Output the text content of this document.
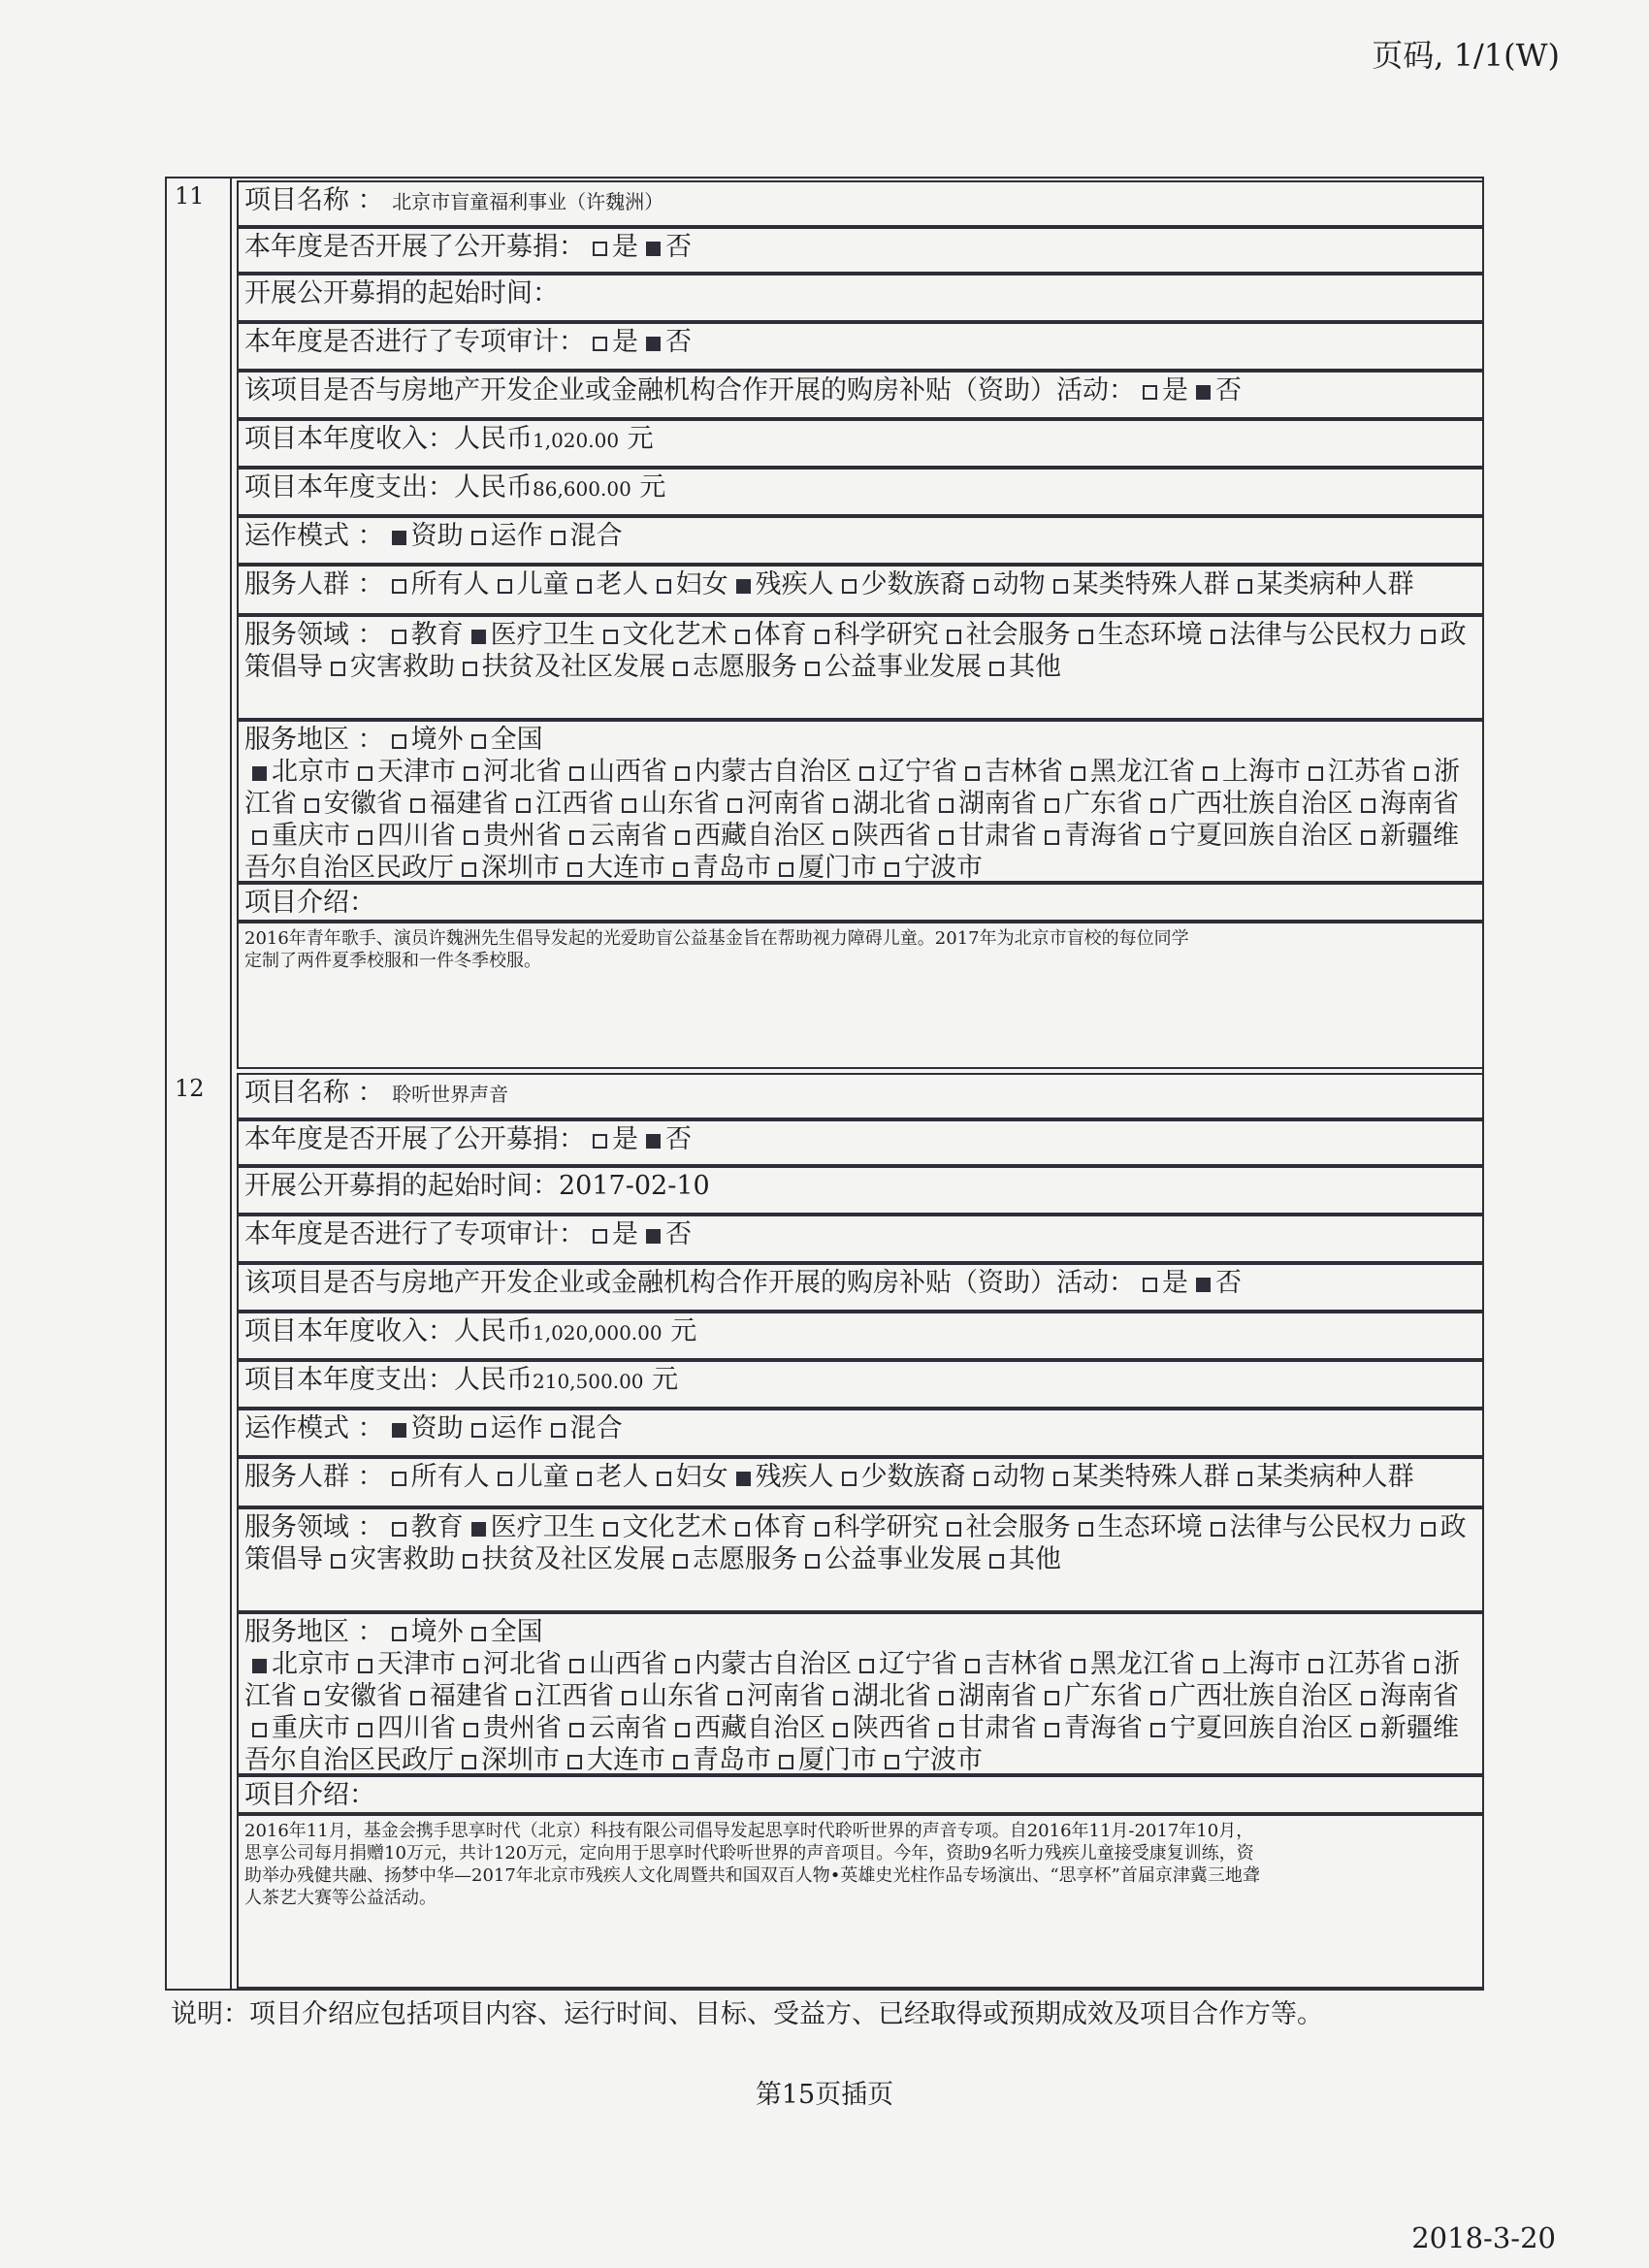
页码, 1/1(W)
11 项目名称 ： 北京市盲童福利事业（许魏洲）
本年度是否开展了公开募捐： 是 否
开展公开募捐的起始时间：
本年度是否进行了专项审计： 是 否
该项目是否与房地产开发企业或金融机构合作开展的购房补贴（资助）活动： 是 否
项目本年度收入：人民币1,020.00 元
项目本年度支出：人民币86,600.00 元
运作模式 ： 资助 运作 混合
服务人群 ： 所有人 儿童 老人 妇女 残疾人 少数族裔 动物 某类特殊人群 某类病种人群
服务领域 ： 教育 医疗卫生 文化艺术 体育 科学研究 社会服务 生态环境 法律与公民权力 政策倡导 灾害救助 扶贫及社区发展 志愿服务 公益事业发展 其他
服务地区 ： 境外 全国
北京市 天津市 河北省 山西省 内蒙古自治区 辽宁省 吉林省 黑龙江省 上海市 江苏省 浙江省 安徽省 福建省 江西省 山东省 河南省 湖北省 湖南省 广东省 广西壮族自治区 海南省重庆市 四川省 贵州省 云南省 西藏自治区 陕西省 甘肃省 青海省 宁夏回族自治区 新疆维吾尔自治区民政厅 深圳市 大连市 青岛市 厦门市 宁波市
项目介绍：
2016年青年歌手、演员许魏洲先生倡导发起的光爱助盲公益基金旨在帮助视力障碍儿童。2017年为北京市盲校的每位同学定制了两件夏季校服和一件冬季校服。
12 项目名称 ： 聆听世界声音
本年度是否开展了公开募捐： 是 否
开展公开募捐的起始时间：2017-02-10
本年度是否进行了专项审计： 是 否
该项目是否与房地产开发企业或金融机构合作开展的购房补贴（资助）活动： 是 否
项目本年度收入：人民币1,020,000.00 元
项目本年度支出：人民币210,500.00 元
运作模式 ： 资助 运作 混合
服务人群 ： 所有人 儿童 老人 妇女 残疾人 少数族裔 动物 某类特殊人群 某类病种人群
服务领域 ： 教育 医疗卫生 文化艺术 体育 科学研究 社会服务 生态环境 法律与公民权力 政策倡导 灾害救助 扶贫及社区发展 志愿服务 公益事业发展 其他
服务地区 ： 境外 全国
北京市 天津市 河北省 山西省 内蒙古自治区 辽宁省 吉林省 黑龙江省 上海市 江苏省 浙江省 安徽省 福建省 江西省 山东省 河南省 湖北省 湖南省 广东省 广西壮族自治区 海南省重庆市 四川省 贵州省 云南省 西藏自治区 陕西省 甘肃省 青海省 宁夏回族自治区 新疆维吾尔自治区民政厅 深圳市 大连市 青岛市 厦门市 宁波市
项目介绍：
2016年11月，基金会携手思享时代（北京）科技有限公司倡导发起思享时代聆听世界的声音专项。自2016年11月-2017年10月，思享公司每月捐赠10万元，共计120万元，定向用于思享时代聆听世界的声音项目。今年，资助9名听力残疾儿童接受康复训练，资助举办残健共融、扬梦中华—2017年北京市残疾人文化周暨共和国双百人物•英雄史光柱作品专场演出、“思享杯”首届京津冀三地聋人茶艺大赛等公益活动。
说明：项目介绍应包括项目内容、运行时间、目标、受益方、已经取得或预期成效及项目合作方等。
第15页插页
2018-3-20
